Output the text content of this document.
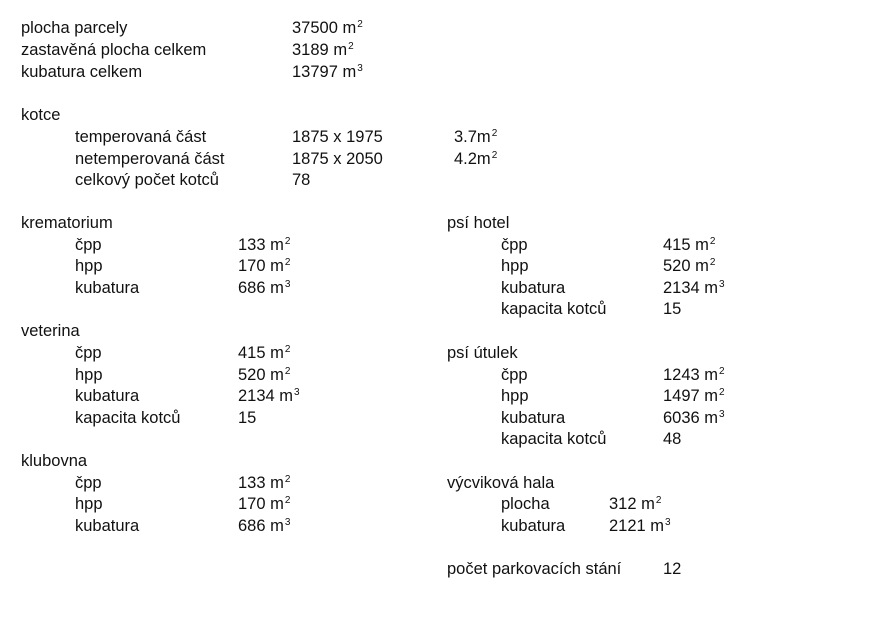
plocha parcely	37500 $m^2$
zastavěná plocha celkem	3189 $m^2$
kubatura celkem	13797 $m^3$
kotce
temperovaná část	1875 x 1975	$3.7m^2$
netemperovaná část	1875 x 2050	$4.2m^2$
celkový počet kotců	78
krematorium
čpp	133 $m^2$
hpp	170 $m^2$
kubatura	686 $m^3$
veterina
čpp	415 $m^2$
hpp	520 $m^2$
kubatura	2134 $m^3$
kapacita kotců	15
klubovna
čpp	133 $m^2$
hpp	170 $m^2$
kubatura	686 $m^3$
psí hotel
čpp	415 $m^2$
hpp	520 $m^2$
kubatura	2134 $m^3$
kapacita kotců	15
psí útulek
čpp	1243 $m^2$
hpp	1497 $m^2$
kubatura	6036 $m^3$
kapacita kotců	48
výcviková hala
plocha	312 $m^2$
kubatura	2121 $m^3$
počet parkovacích stání	12
